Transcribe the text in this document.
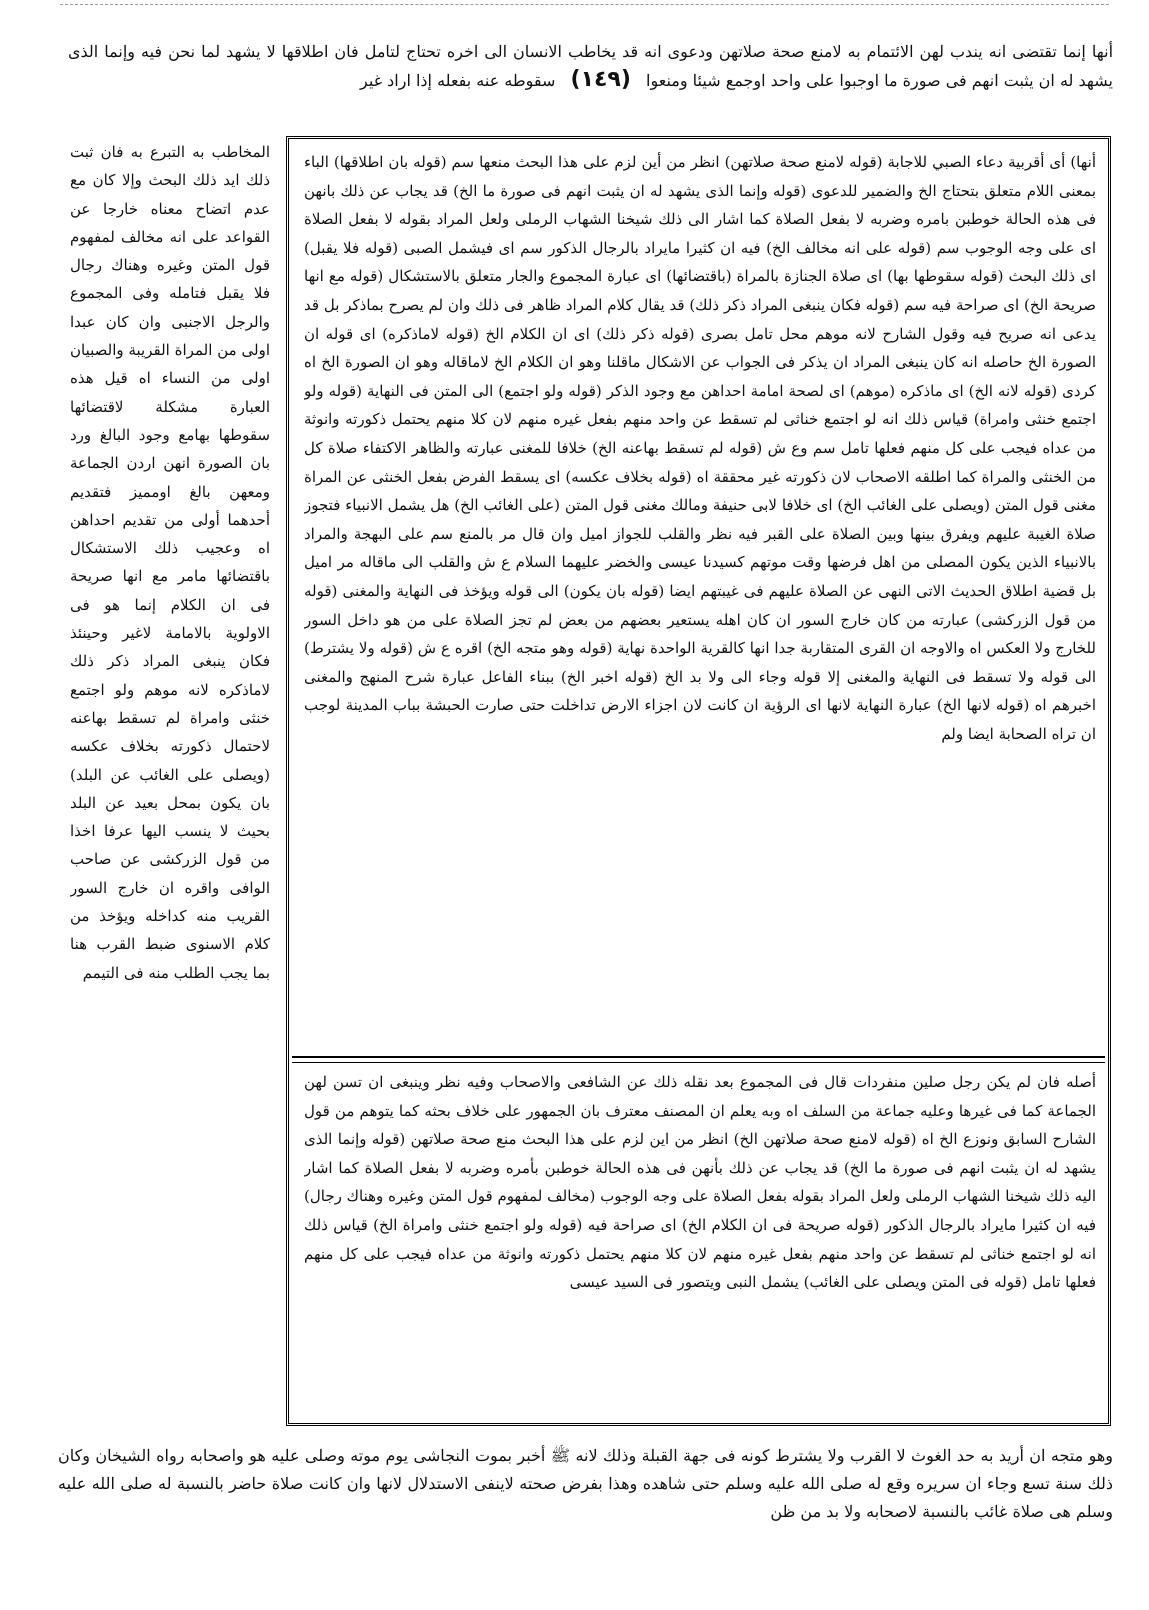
أنها إنما تقتضى انه يندب لهن الائتمام به لامنع صحة صلاتهن ودعوى انه قد يخاطب الانسان الى اخره تحتاج لتامل فان اطلاقها لا يشهد لما نحن فيه وإنما الذى يشهد له ان يثبت انهم فى صورة ما اوجبوا على واحد اوجمع شيئا ومنعوا (١٤٩) سقوطه عنه بفعله إذا اراد غير
المخاطب به التبرع به فان ثبت ذلك ايد ذلك البحث وإلا كان مع عدم اتضاح معناه خارجا عن القواعد على انه مخالف لمفهوم قول المتن وغيره وهناك رجال فلا يقبل فتامله وفى المجموع والرجل الاجنبى وان كان عبدا اولى من المراة القريبة والصبيان اولى من النساء اه قيل هذه العبارة مشكلة لاقتضائها سقوطها بهامع وجود البالغ ورد بان الصورة انهن اردن الجماعة ومعهن بالغ اومميز فتقديم أحدهما أولى من تقديم احداهن اه وعجيب ذلك الاستشكال باقتضائها مامر مع انها صريحة فى ان الكلام إنما هو فى الاولوية بالامامة لاغير وحينئذ فكان ينبغى المراد ذكر ذلك لاماذكره لانه موهم ولو اجتمع خنثى وامراة لم تسقط بهاعنه لاحتمال ذكورته بخلاف عكسه (ويصلى على الغائب عن البلد) بان يكون بمحل بعيد عن البلد بحيث لا ينسب اليها عرفا اخذا من قول الزركشى عن صاحب الوافى واقره ان خارج السور القريب منه كداخله ويؤخذ من كلام الاسنوى ضبط القرب هنا بما يجب الطلب منه فى التيمم
أنها) أى أقربية دعاء الصبي للاجابة (قوله لامنع صحة صلاتهن) انظر من أين لزم على هذا البحث منعها سم (قوله بان اطلاقها) الباء بمعنى اللام متعلق بتحتاج الخ والضمير للدعوى (قوله وإنما الذى يشهد له ان يثبت انهم فى صورة ما الخ) قد يجاب عن ذلك بانهن فى هذه الحالة خوطبن بامره وضربه لا بفعل الصلاة كما اشار الى ذلك شيخنا الشهاب الرملى ولعل المراد بقوله لا بفعل الصلاة اى على وجه الوجوب سم (قوله على انه مخالف الخ) فيه ان كثيرا مايراد بالرجال الذكور سم اى فيشمل الصبى (قوله فلا يقبل) اى ذلك البحث (قوله سقوطها بها) اى صلاة الجنازة بالمراة (باقتضائها) اى عبارة المجموع والجار متعلق بالاستشكال (قوله مع انها صريحة الخ) اى صراحة فيه سم (قوله فكان ينبغى المراد ذكر ذلك) قد يقال كلام المراد ظاهر فى ذلك وان لم يصرح بماذكر بل قد يدعى انه صريح فيه وقول الشارح لانه موهم محل تامل بصرى (قوله ذكر ذلك) اى ان الكلام الخ (قوله لاماذكره) اى قوله ان الصورة الخ حاصله انه كان ينبغى المراد ان يذكر فى الجواب عن الاشكال ماقلنا وهو ان الكلام الخ لاماقاله وهو ان الصورة الخ اه كردى (قوله لانه الخ) اى ماذكره (موهم) اى لصحة امامة احداهن مع وجود الذكر (قوله ولو اجتمع) الى المتن فى النهاية (قوله ولو اجتمع خنثى وامراة) قياس ذلك انه لو اجتمع خناثى لم تسقط عن واحد منهم بفعل غيره منهم لان كلا منهم يحتمل ذكورته وانوثة من عداه فيجب على كل منهم فعلها تامل سم وع ش (قوله لم تسقط بهاعنه الخ) خلافا للمغنى عبارته والظاهر الاكتفاء صلاة كل من الخنثى والمراة كما اطلقه الاصحاب لان ذكورته غير محققة اه (قوله بخلاف عكسه) اى يسقط الفرض بفعل الخنثى عن المراة مغنى قول المتن (ويصلى على الغائب الخ) اى خلافا لابى حنيفة ومالك مغنى قول المتن (على الغائب الخ) هل يشمل الانبياء فتجوز صلاة الغيبة عليهم ويفرق بينها وبين الصلاة على القبر فيه نظر والقلب للجواز اميل وان قال مر بالمنع سم على البهجة والمراد بالانبياء الذين يكون المصلى من اهل فرضها وقت موتهم كسيدنا عيسى والخضر عليهما السلام ع ش والقلب الى ماقاله مر اميل بل قضية اطلاق الحديث الاتى النهى عن الصلاة عليهم فى غيبتهم ايضا (قوله بان يكون) الى قوله ويؤخذ فى النهاية والمغنى (قوله من قول الزركشى) عبارته من كان خارج السور ان كان اهله يستعير بعضهم من بعض لم تجز الصلاة على من هو داخل السور للخارج ولا العكس اه والاوجه ان القرى المتقاربة جدا انها كالقرية الواحدة نهاية (قوله وهو متجه الخ) اقره ع ش (قوله ولا يشترط) الى قوله ولا تسقط فى النهاية والمغنى إلا قوله وجاء الى ولا بد الخ (قوله اخبر الخ) ببناء الفاعل عبارة شرح المنهج والمغنى اخبرهم اه (قوله لانها الخ) عبارة النهاية لانها اى الرؤية ان كانت لان اجزاء الارض تداخلت حتى صارت الحبشة بباب المدينة لوجب ان تراه الصحابة ايضا ولم
أصله فان لم يكن رجل صلين منفردات قال فى المجموع بعد نقله ذلك عن الشافعى والاصحاب وفيه نظر وينبغى ان تسن لهن الجماعة كما فى غيرها وعليه جماعة من السلف اه وبه يعلم ان المصنف معترف بان الجمهور على خلاف بحثه كما يتوهم من قول الشارح السابق ونوزع الخ اه (قوله لامنع صحة صلاتهن الخ) انظر من اين لزم على هذا البحث منع صحة صلاتهن (قوله وإنما الذى يشهد له ان يثبت انهم فى صورة ما الخ) قد يجاب عن ذلك بأنهن فى هذه الحالة خوطبن بأمره وضربه لا بفعل الصلاة كما اشار اليه ذلك شيخنا الشهاب الرملى ولعل المراد بقوله بفعل الصلاة على وجه الوجوب (مخالف لمفهوم قول المتن وغيره وهناك رجال) فيه ان كثيرا مايراد بالرجال الذكور (قوله صريحة فى ان الكلام الخ) اى صراحة فيه (قوله ولو اجتمع خنثى وامراة الخ) قياس ذلك انه لو اجتمع خناثى لم تسقط عن واحد منهم بفعل غيره منهم لان كلا منهم يحتمل ذكورته وانوثة من عداه فيجب على كل منهم فعلها تامل (قوله فى المتن ويصلى على الغائب) يشمل النبى ويتصور فى السيد عيسى
وهو متجه ان أريد به حد الغوث لا القرب ولا يشترط كونه فى جهة القبلة وذلك لانه ﷺ أخبر بموت النجاشى يوم موته وصلى عليه هو واصحابه رواه الشيخان وكان ذلك سنة تسع وجاء ان سريره وقع له صلى الله عليه وسلم حتى شاهده وهذا بفرض صحته لاينفى الاستدلال لانها وان كانت صلاة حاضر بالنسبة له صلى الله عليه وسلم هى صلاة غائب بالنسبة لاصحابه ولا بد من ظن
